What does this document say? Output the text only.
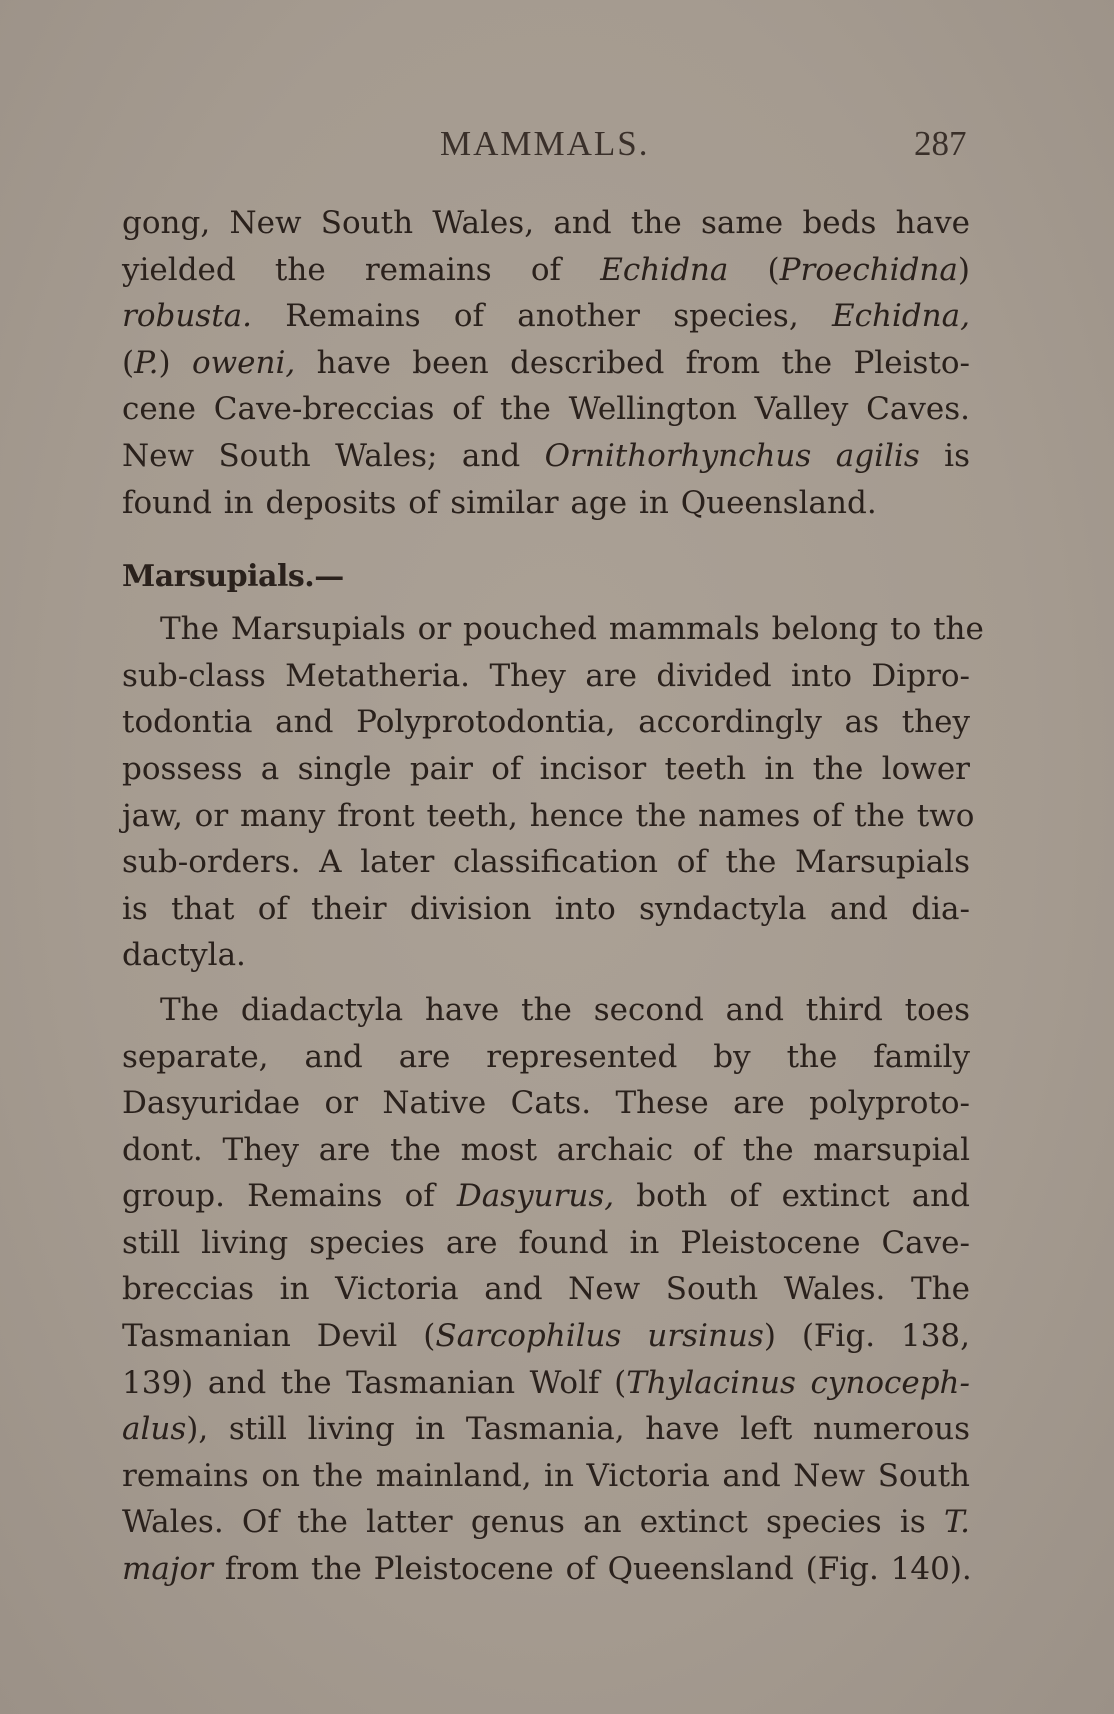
MAMMALS.	287
gong, New South Wales, and the same beds have
yielded the remains of Echidna (Proechidna)
robusta. Remains of another species, Echidna,
(P.) oweni, have been described from the Pleisto-
cene Cave-breccias of the Wellington Valley Caves.
New South Wales; and Ornithorhynchus agilis is
found in deposits of similar age in Queensland.
Marsupials.—
The Marsupials or pouched mammals belong to the
sub-class Metatheria. They are divided into Dipro-
todontia and Polyprotodontia, accordingly as they
possess a single pair of incisor teeth in the lower
jaw, or many front teeth, hence the names of the two
sub-orders. A later classification of the Marsupials
is that of their division into syndactyla and dia-
dactyla.
The diadactyla have the second and third toes
separate, and are represented by the family
Dasyuridae or Native Cats. These are polyproto-
dont. They are the most archaic of the marsupial
group. Remains of Dasyurus, both of extinct and
still living species are found in Pleistocene Cave-
breccias in Victoria and New South Wales. The
Tasmanian Devil (Sarcophilus ursinus) (Fig. 138,
139) and the Tasmanian Wolf (Thylacinus cynoceph-
alus), still living in Tasmania, have left numerous
remains on the mainland, in Victoria and New South
Wales. Of the latter genus an extinct species is T.
major from the Pleistocene of Queensland (Fig. 140).
